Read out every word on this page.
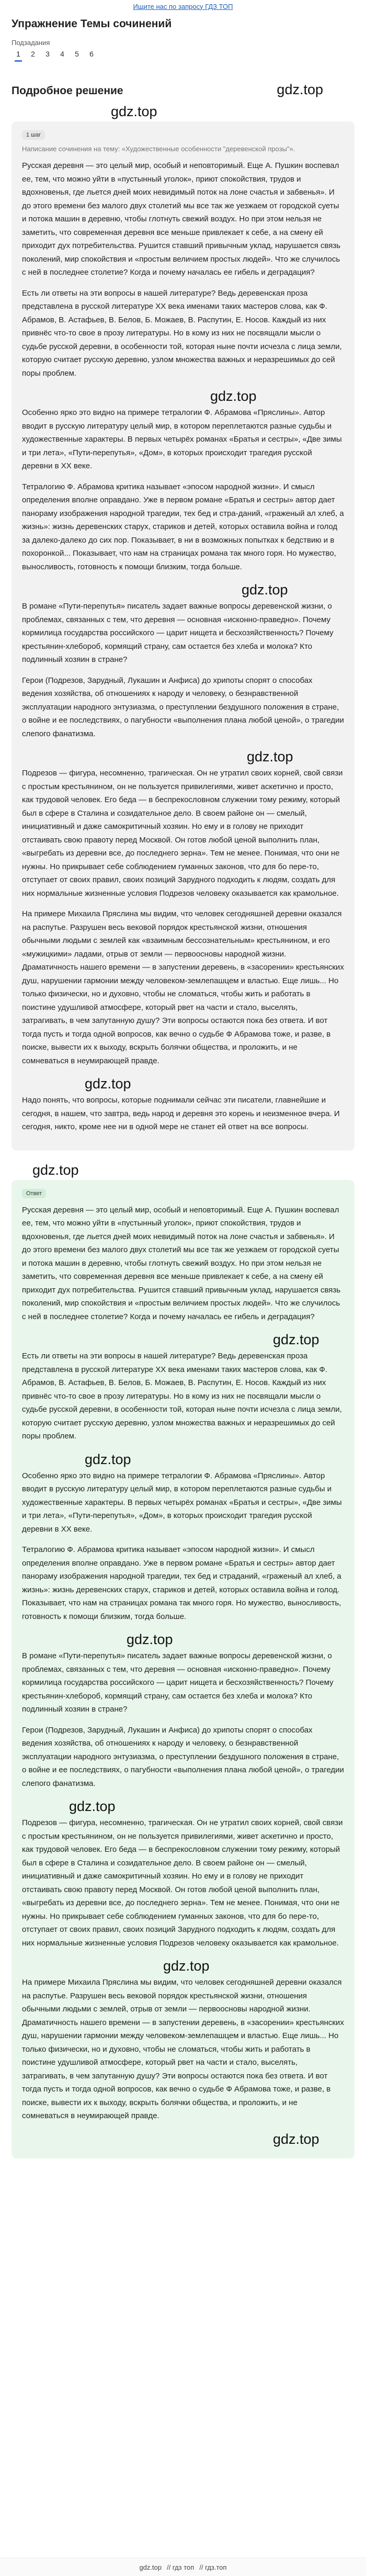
Ищите нас по запросу ГДЗ ТОП
Упражнение Темы сочинений
Подзадания
1 2 3 4 5 6
Подробное решение	gdz.top
gdz.top
1 шаг
Написание сочинения на тему: «Художественные особенности "деревенской прозы"».

Русская деревня — это целый мир, особый и неповторимый. Еще А. Пушкин воспевал ее, тем, что можно уйти в «пустынный уголок», приют спокойствия, трудов и вдохновенья, где льется дней моих невидимый поток на лоне счастья и забвенья». И до этого времени без малого двух столетий мы все так же уезжаем от городской суеты и потока машин в деревню, чтобы глотнуть свежий воздух. Но при этом нельзя не заметить, что современная деревня все меньше привлекает к себе, а на смену ей приходит дух потребительства. Рушится ставший привычным уклад, нарушается связь поколений, мир спокойствия и «простым величием простых людей». Что же случилось с ней в последнее столетие? Когда и почему началась ее гибель и деградация?

Есть ли ответы на эти вопросы в нашей литературе? Ведь деревенская проза представлена в русской литературе XX века именами таких мастеров слова, как Ф. Абрамов, В. Астафьев, В. Белов, Б. Можаев, В. Распутин, Е. Носов. Каждый из них привнёс что-то свое в прозу литературы. Но в кому из них не посвящали мысли о судьбе русской деревни, в особенности той, которая ныне почти исчезла с лица земли, которую считает русскую деревню, узлом множества важных и неразрешимых до сей поры проблем.

gdz.top

Особенно ярко это видно на примере тетралогии Ф. Абрамова «Пряслины». Автор вводит в русскую литературу целый мир, в котором переплетаются разные судьбы и художественные характеры. В первых четырёх романах «Братья и сестры», «Две зимы и три лета», «Пути-перепутья», «Дом», в которых происходит трагедия русской деревни в ХХ веке.

Тетралогию Ф. Абрамова критика называет «эпосом народной жизни». И смысл определения вполне оправдано. Уже в первом романе «Братья и сестры» автор дает панораму изображения народной трагедии, тех бед и стра-даний, «граженый ал хлеб, а жизнь»: жизнь деревенских старух, стариков и детей, которых оставила война и голод за далеко-далеко до сих пор. Показывает, в ни в возможных попытках к бедствию и в похоронкой... Показывает, что нам на страницах романа так много горя. Но мужество, выносливость, готовность к помощи близким, тогда больше.

gdz.top

В романе «Пути-перепутья» писатель задает важные вопросы деревенской жизни, о проблемах, связанных с тем, что деревня — основная «исконно-праведно». Почему кормилица государства российского — царит нищета и бесхозяйственность? Почему крестьянин-хлебороб, кормящий страну, сам остается без хлеба и молока? Кто подлинный хозяин в стране?

Герои (Подрезов, Зарудный, Лукашин и Анфиса) до хрипоты спорят о способах ведения хозяйства, об отношениях к народу и человеку, о безнравственной эксплуатации народного энтузиазма, о преступлении бездушного положения в стране, о войне и ее последствиях, о пагубности «выполнения плана любой ценой», о трагедии слепого фанатизма.

gdz.top

Подрезов — фигура, несомненно, трагическая. Он не утратил своих корней, свой связи с простым крестьянином, он не пользуется привилегиями, живет аскетично и просто, как трудовой человек. Его беда — в беспрекословном служении тому режиму, который был в сфере в Сталина и созидательное дело. В своем районе он — смелый, инициативный и даже самокритичный хозяин. Но ему и в голову не приходит отстаивать свою правоту перед Москвой. Он готов любой ценой выполнить план, «выгребать из деревни все, до последнего зерна». Тем не менее. Понимая, что они не нужны. Но прикрывает себе соблюдением гуманных законов, что для бо пере-то, отступает от своих правил, своих позиций Зарудного подходить к людям, создать для них нормальные жизненные условия Подрезов человеку оказывается как крамольное.

На примере Михаила Пряслина мы видим, что человек сегодняшней деревни оказался на распутье. Разрушен весь вековой порядок крестьянской жизни, отношения обычными людьми с землей как «взаимным бессознательным» крестьянином, и его «мужицкими» ладами, отрыв от земли — первоосновы народной жизни. Драматичность нашего времени — в запустении деревень, в «засорении» крестьянских душ, нарушении гармонии между человеком-землепашцем и властью. Еще лишь... Но только физически, но и духовно, чтобы не сломаться, чтобы жить и работать в поистине удушливой атмосфере, который рвет на части и стало, выселять, затрагивать, в чем запутанную душу? Эти вопросы остаются пока без ответа. И вот тогда пусть и тогда одной вопросов, как вечно о судьбе Ф Абрамова тоже, и разве, в поиске, вывести их к выходу, вскрыть болячки общества, и проложить, и не сомневаться в неумирающей правде.

gdz.top

Надо понять, что вопросы, которые поднимали сейчас эти писатели, главнейшие и сегодня, в нашем, что завтра, ведь народ и деревня это корень и неизменное вчера. И сегодня, никто, кроме нее ни в одной мере не станет ей ответ на все вопросы.

gdz.top
Ответ

Русская деревня — это целый мир, особый и неповторимый. Еще А. Пушкин воспевал ее, тем, что можно уйти в «пустынный уголок», приют спокойствия, трудов и вдохновенья, где льется дней моих невидимый поток на лоне счастья и забвенья». И до этого времени без малого двух столетий мы все так же уезжаем от городской суеты и потока машин в деревню, чтобы глотнуть свежий воздух. Но при этом нельзя не заметить, что современная деревня все меньше привлекает к себе, а на смену ей приходит дух потребительства. Рушится ставший привычным уклад, нарушается связь поколений, мир спокойствия и «простым величием простых людей». Что же случилось с ней в последнее столетие? Когда и почему началась ее гибель и деградация?

gdz.top

Есть ли ответы на эти вопросы в нашей литературе? Ведь деревенская проза представлена в русской литературе XX века именами таких мастеров слова, как Ф. Абрамов, В. Астафьев, В. Белов, Б. Можаев, В. Распутин, Е. Носов. Каждый из них привнёс что-то свое в прозу литературы. Но в кому из них не посвящали мысли о судьбе русской деревни, в особенности той, которая ныне почти исчезла с лица земли, которую считает русскую деревню, узлом множества важных и неразрешимых до сей поры проблем.

gdz.top

Особенно ярко это видно на примере тетралогии Ф. Абрамова «Пряслины». Автор вводит в русскую литературу целый мир, в котором переплетаются разные судьбы и художественные характеры. В первых четырёх романах «Братья и сестры», «Две зимы и три лета», «Пути-перепутья», «Дом», в которых происходит трагедия русской деревни в ХХ веке.

Тетралогию Ф. Абрамова критика называет «эпосом народной жизни». И смысл определения вполне оправдано. Уже в первом романе «Братья и сестры» автор дает панораму изображения народной трагедии, тех бед и страданий, «граженый ал хлеб, а жизнь»: жизнь деревенских старух, стариков и детей, которых оставила война и голод. Показывает, что нам на страницах романа так много горя. Но мужество, выносливость, готовность к помощи близким, тогда больше.

gdz.top

В романе «Пути-перепутья» писатель задает важные вопросы деревенской жизни, о проблемах, связанных с тем, что деревня — основная «исконно-праведно». Почему кормилица государства российского — царит нищета и бесхозяйственность? Почему крестьянин-хлебороб, кормящий страну, сам остается без хлеба и молока? Кто подлинный хозяин в стране?

Герои (Подрезов, Зарудный, Лукашин и Анфиса) до хрипоты спорят о способах ведения хозяйства, об отношениях к народу и человеку, о безнравственной эксплуатации народного энтузиазма, о преступлении бездушного положения в стране, о войне и ее последствиях, о пагубности «выполнения плана любой ценой», о трагедии слепого фанатизма.

gdz.top

Подрезов — фигура, несомненно, трагическая. Он не утратил своих корней, свой связи с простым крестьянином, он не пользуется привилегиями, живет аскетично и просто, как трудовой человек. Его беда — в беспрекословном служении тому режиму, который был в сфере в Сталина и созидательное дело. В своем районе он — смелый, инициативный и даже самокритичный хозяин. Но ему и в голову не приходит отстаивать свою правоту перед Москвой. Он готов любой ценой выполнить план, «выгребать из деревни все, до последнего зерна». Тем не менее. Понимая, что они не нужны. Но прикрывает себе соблюдением гуманных законов, что для бо пере-то, отступает от своих правил, своих позиций Зарудного подходить к людям, создать для них нормальные жизненные условия Подрезов человеку оказывается как крамольное.

gdz.top

На примере Михаила Пряслина мы видим, что человек сегодняшней деревни оказался на распутье. Разрушен весь вековой порядок крестьянской жизни, отношения обычными людьми с землей, отрыв от земли — первоосновы народной жизни. Драматичность нашего времени — в запустении деревень, в «засорении» крестьянских душ, нарушении гармонии между человеком-землепашцем и властью. Еще лишь... Но только физически, но и духовно, чтобы не сломаться, чтобы жить и работать в поистине удушливой атмосфере, который рвет на части и стало, выселять, затрагивать, в чем запутанную душу? Эти вопросы остаются пока без ответа. И вот тогда пусть и тогда одной вопросов, как вечно о судьбе Ф Абрамова тоже, и разве, в поиске, вывести их к выходу, вскрыть болячки общества, и проложить, и не сомневаться в неумирающей правде.

gdz.top
gdz.top // гдз топ // гдз.топ
